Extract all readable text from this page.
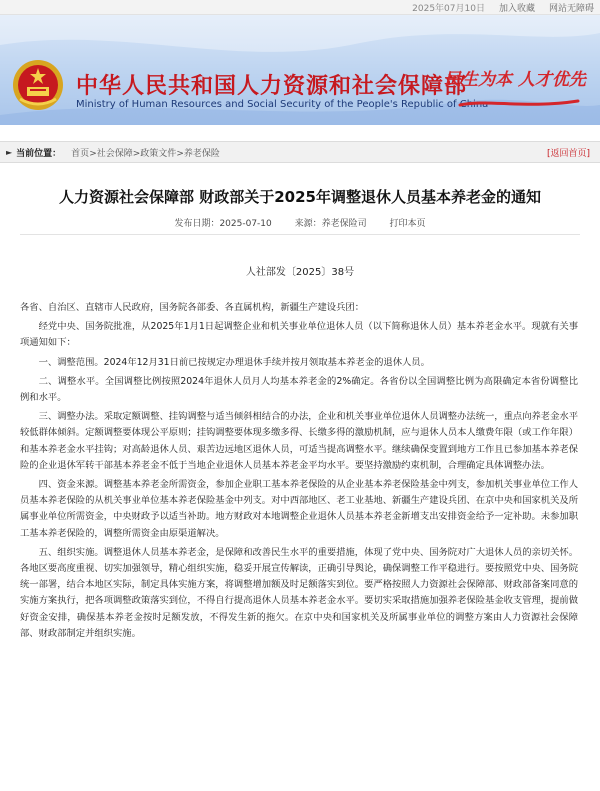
2025年07月10日 加入收藏 网站无障碍
中华人民共和国人力资源和社会保障部
Ministry of Human Resources and Social Security of the People's Republic of China
民生为本 人才优先
► 当前位置： 首页>社会保障>政策文件>养老保险	[返回首页]
人力资源社会保障部 财政部关于2025年调整退休人员基本养老金的通知
发布日期：2025-07-10	来源：养老保险司	打印本页
人社部发〔2025〕38号

各省、自治区、直辖市人民政府，国务院各部委、各直属机构，新疆生产建设兵团：

经党中央、国务院批准，从2025年1月1日起调整企业和机关事业单位退休人员（以下简称退休人员）基本养老金水平。现就有关事项通知如下：

一、调整范围。2024年12月31日前已按规定办理退休手续并按月领取基本养老金的退休人员。

二、调整水平。全国调整比例按照2024年退休人员月人均基本养老金的2%确定。各省份以全国调整比例为高限确定本省份调整比例和水平。

三、调整办法。采取定额调整、挂钩调整与适当倾斜相结合的办法，企业和机关事业单位退休人员调整办法统一，重点向养老金水平较低群体倾斜。定额调整要体现公平原则；挂钩调整要体现多缴多得、长缴多得的激励机制，应与退休人员本人缴费年限（或工作年限）和基本养老金水平挂钩；对高龄退休人员、艰苦边远地区退休人员，可适当提高调整水平。继续确保变置到地方工作且已参加基本养老保险的企业退休军转干部基本养老金不低于当地企业退休人员基本养老金平均水平。要坚持激励约束机制，合理确定具体调整办法。

四、资金来源。调整基本养老金所需资金，参加企业职工基本养老保险的从企业基本养老保险基金中列支，参加机关事业单位工作人员基本养老保险的从机关事业单位基本养老保险基金中列支。对中西部地区、老工业基地、新疆生产建设兵团、在京中央和国家机关及所属事业单位所需资金，中央财政予以适当补助。地方财政对本地调整企业退休人员基本养老金新增支出安排资金给予一定补助。未参加职工基本养老保险的，调整所需资金由原渠道解决。

五、组织实施。调整退休人员基本养老金，是保障和改善民生水平的重要措施，体现了党中央、国务院对广大退休人员的亲切关怀。各地区要高度重视、切实加强领导，精心组织实施，稳妥开展宣传解读，正确引导舆论，确保调整工作平稳进行。要按照党中央、国务院统一部署，结合本地区实际，制定具体实施方案，将调整增加额及时足额落实到位。要严格按照人力资源社会保障部、财政部备案同意的实施方案执行，把各项调整政策落实到位，不得自行提高退休人员基本养老金水平。要切实采取措施加强养老保险基金收支管理，提前做好资金安排，确保基本养老金按时足额发放，不得发生新的拖欠。在京中央和国家机关及所属事业单位的调整方案由人力资源社会保障部、财政部制定并组织实施。
